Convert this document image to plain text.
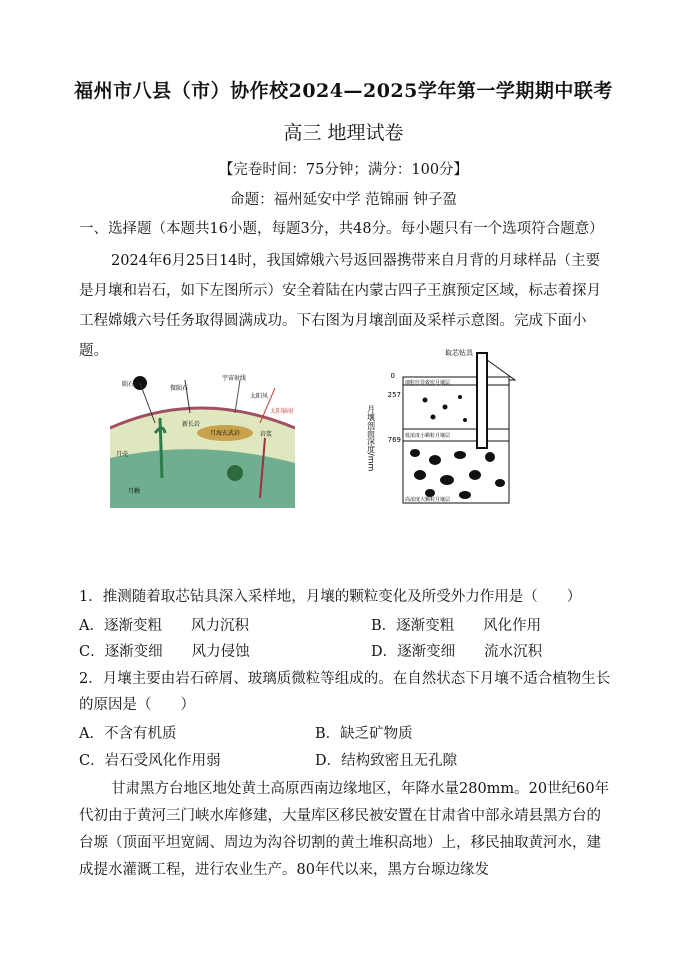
福州市八县（市）协作校2024—2025学年第一学期期中联考
高三 地理试卷
【完卷时间：75分钟；满分：100分】
命题：福州延安中学 范锦丽 钟子盈
一、选择题（本题共16小题，每题3分，共48分。每小题只有一个选项符合题意）
2024年6月25日14时，我国嫦娥六号返回器携带来自月背的月球样品（主要是月壤和岩石，如下左图所示）安全着陆在内蒙古四子王旗预定区域，标志着探月工程嫦娥六号任务取得圆满成功。下右图为月壤剖面及采样示意图。完成下面小题。
陨石
微陨石
宇宙射线
太阳风
太阳辐射
新长岩
月海玄武岩	岩浆
月壳
月幔
取芯钻具
0
257
769
细粒径非致密月壤层
低浓度小颗粒月壤层
高浓度大颗粒月壤层
月壤剖面深度/mm
1．推测随着取芯钻具深入采样地，月壤的颗粒变化及所受外力作用是（　　）
A．逐渐变粗　　风力沉积	B．逐渐变粗　　风化作用
C．逐渐变细　　风力侵蚀	D．逐渐变细　　流水沉积
2．月壤主要由岩石碎屑、玻璃质微粒等组成的。在自然状态下月壤不适合植物生长的原因是（　　）
A．不含有机质	B．缺乏矿物质
C．岩石受风化作用弱	D．结构致密且无孔隙
甘肃黑方台地区地处黄土高原西南边缘地区，年降水量280mm。20世纪60年代初由于黄河三门峡水库修建，大量库区移民被安置在甘肃省中部永靖县黑方台的台塬（顶面平坦宽阔、周边为沟谷切割的黄土堆积高地）上，移民抽取黄河水，建成提水灌溉工程，进行农业生产。80年代以来，黑方台塬边缘发
